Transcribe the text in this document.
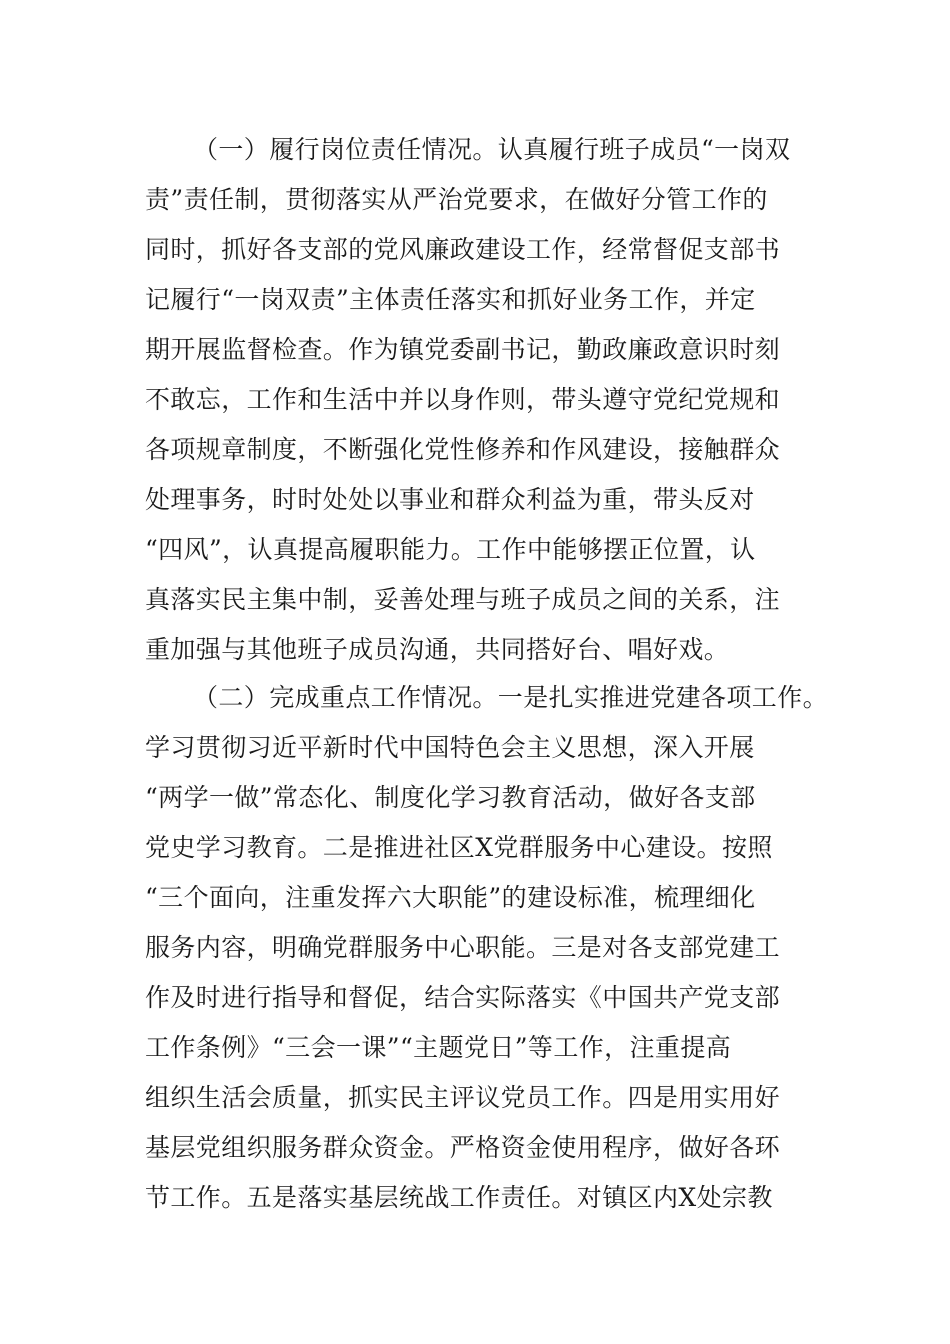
（一）履行岗位责任情况。认真履行班子成员“一岗双

责”责任制，贯彻落实从严治党要求，在做好分管工作的

同时，抓好各支部的党风廉政建设工作，经常督促支部书

记履行“一岗双责”主体责任落实和抓好业务工作，并定

期开展监督检查。作为镇党委副书记，勤政廉政意识时刻

不敢忘，工作和生活中并以身作则，带头遵守党纪党规和

各项规章制度，不断强化党性修养和作风建设，接触群众

处理事务，时时处处以事业和群众利益为重，带头反对

“四风”，认真提高履职能力。工作中能够摆正位置，认

真落实民主集中制，妥善处理与班子成员之间的关系，注

重加强与其他班子成员沟通，共同搭好台、唱好戏。

（二）完成重点工作情况。一是扎实推进党建各项工作。

学习贯彻习近平新时代中国特色会主义思想，深入开展

“两学一做”常态化、制度化学习教育活动，做好各支部

党史学习教育。二是推进社区X党群服务中心建设。按照

“三个面向，注重发挥六大职能”的建设标准，梳理细化

服务内容，明确党群服务中心职能。三是对各支部党建工

作及时进行指导和督促，结合实际落实《中国共产党支部

工作条例》“三会一课”“主题党日”等工作，注重提高

组织生活会质量，抓实民主评议党员工作。四是用实用好

基层党组织服务群众资金。严格资金使用程序，做好各环

节工作。五是落实基层统战工作责任。对镇区内X处宗教
